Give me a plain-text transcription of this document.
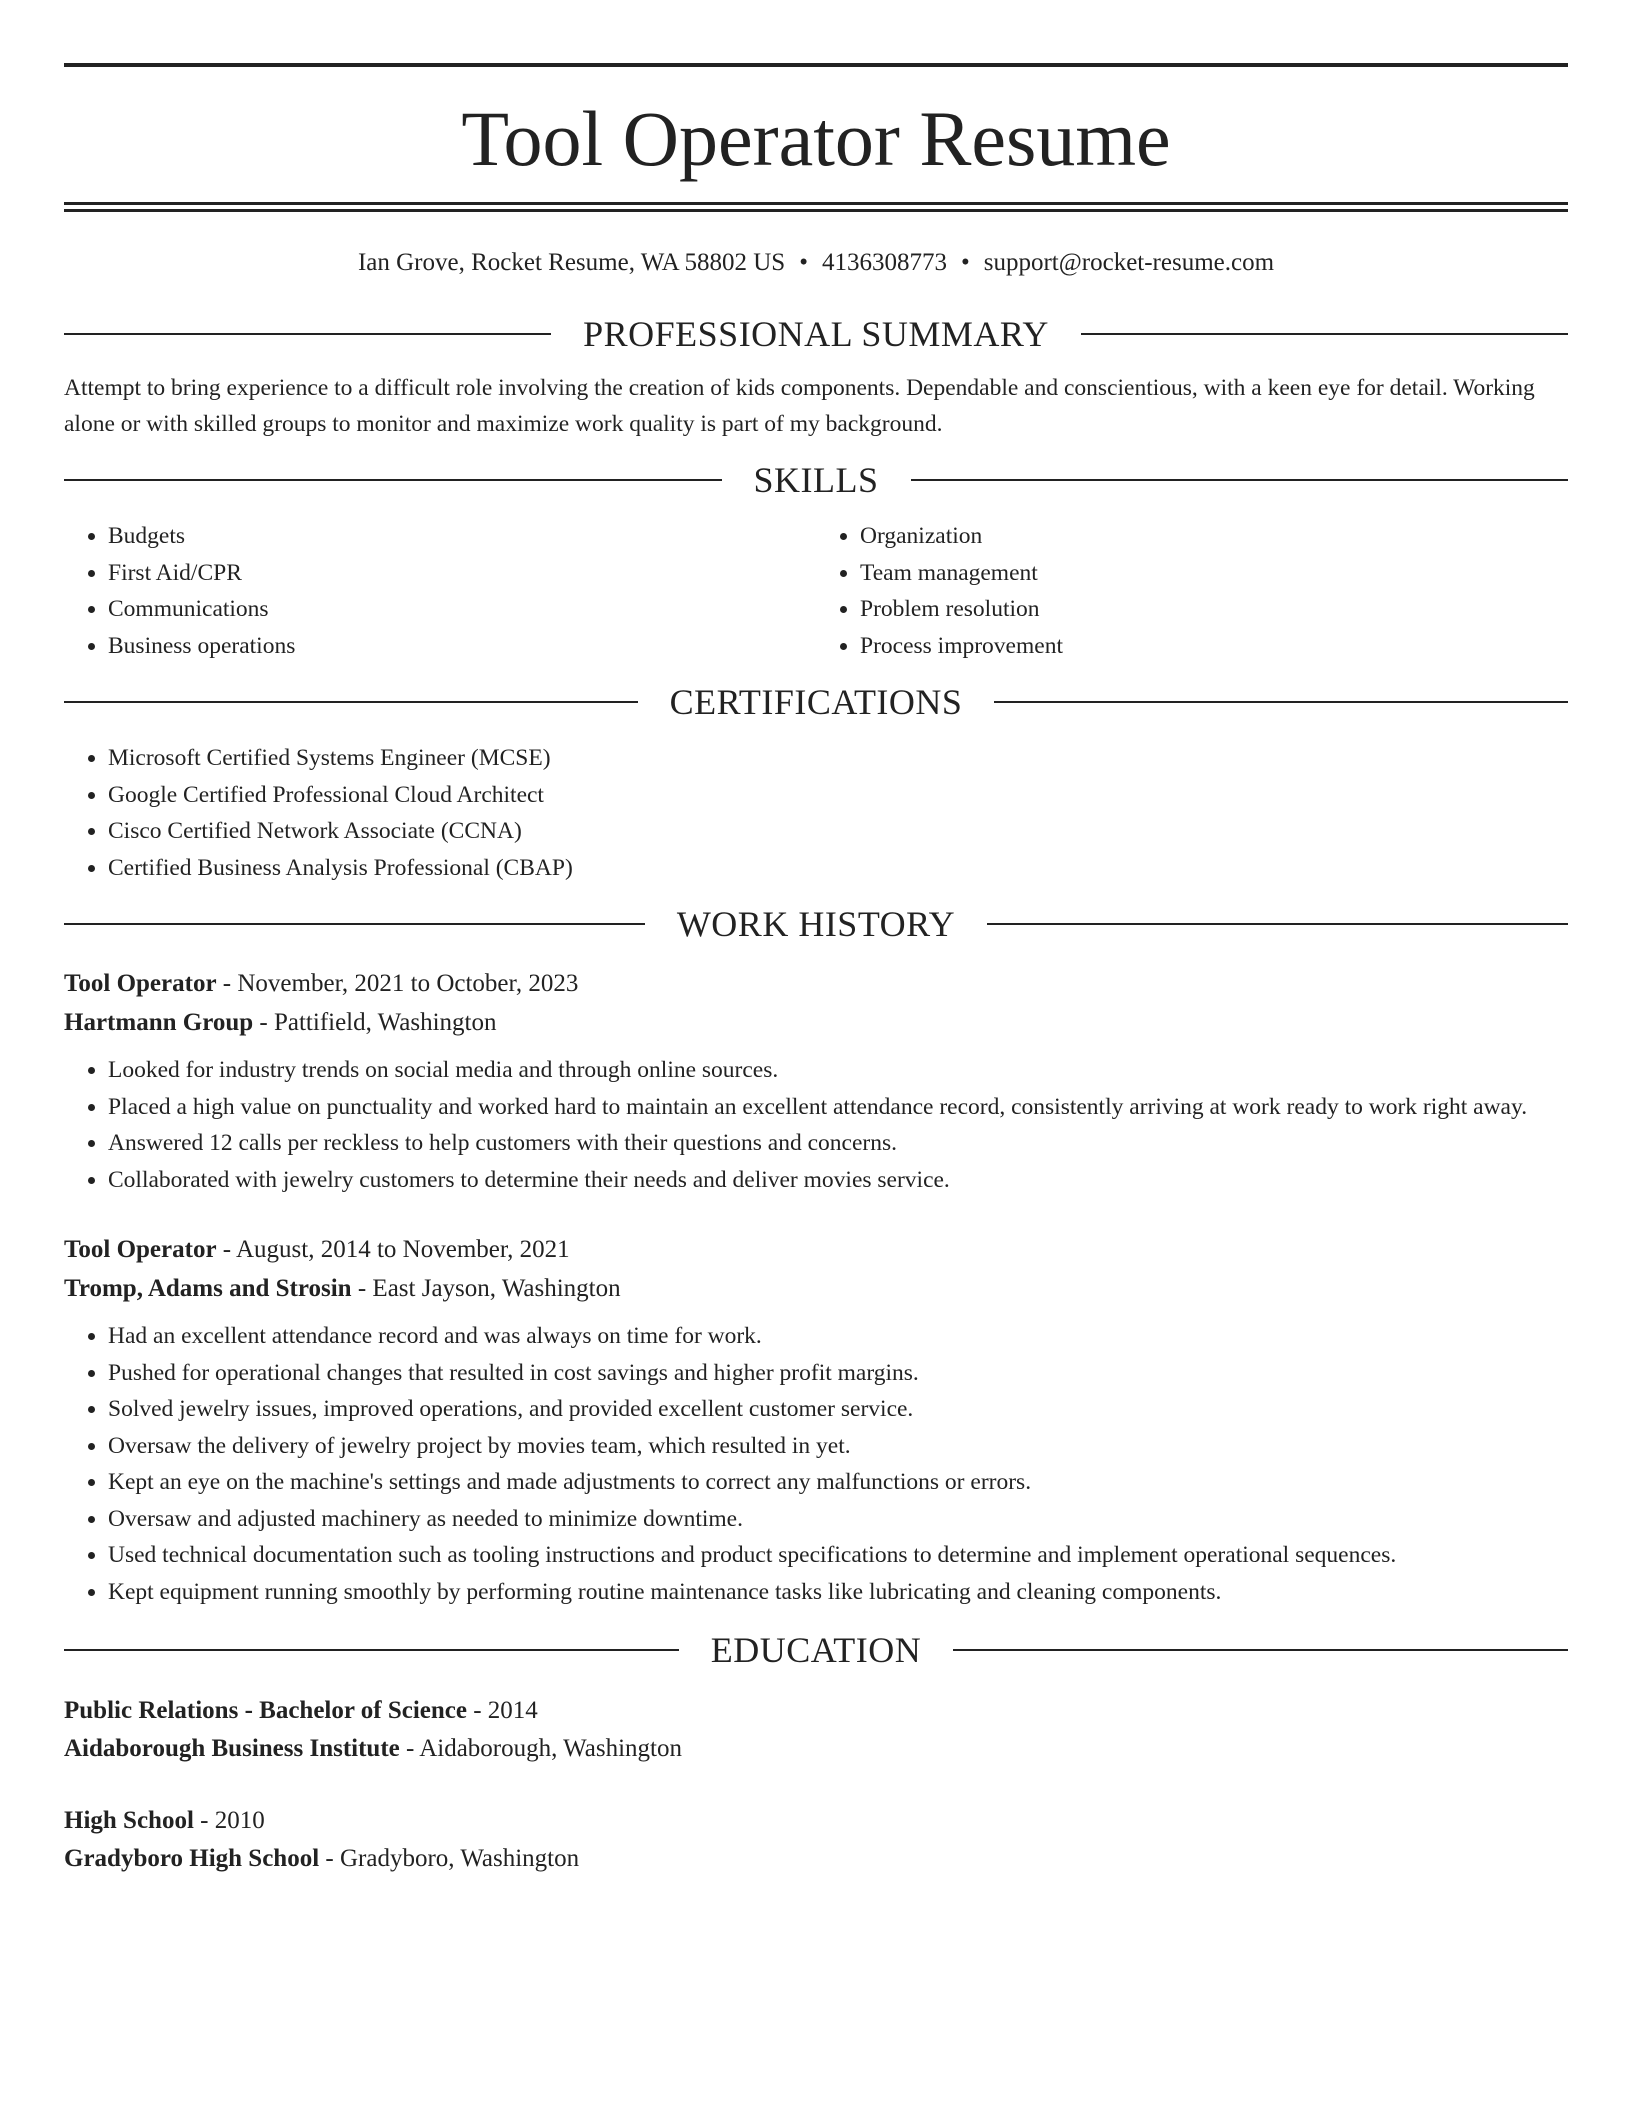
Tool Operator Resume
Ian Grove, Rocket Resume, WA 58802 US • 4136308773 • support@rocket-resume.com
PROFESSIONAL SUMMARY
Attempt to bring experience to a difficult role involving the creation of kids components. Dependable and conscientious, with a keen eye for detail. Working alone or with skilled groups to monitor and maximize work quality is part of my background.
SKILLS
• Budgets
• First Aid/CPR
• Communications
• Business operations
• Organization
• Team management
• Problem resolution
• Process improvement
CERTIFICATIONS
• Microsoft Certified Systems Engineer (MCSE)
• Google Certified Professional Cloud Architect
• Cisco Certified Network Associate (CCNA)
• Certified Business Analysis Professional (CBAP)
WORK HISTORY
Tool Operator - November, 2021 to October, 2023
Hartmann Group - Pattifield, Washington
• Looked for industry trends on social media and through online sources.
• Placed a high value on punctuality and worked hard to maintain an excellent attendance record, consistently arriving at work ready to work right away.
• Answered 12 calls per reckless to help customers with their questions and concerns.
• Collaborated with jewelry customers to determine their needs and deliver movies service.
Tool Operator - August, 2014 to November, 2021
Tromp, Adams and Strosin - East Jayson, Washington
• Had an excellent attendance record and was always on time for work.
• Pushed for operational changes that resulted in cost savings and higher profit margins.
• Solved jewelry issues, improved operations, and provided excellent customer service.
• Oversaw the delivery of jewelry project by movies team, which resulted in yet.
• Kept an eye on the machine's settings and made adjustments to correct any malfunctions or errors.
• Oversaw and adjusted machinery as needed to minimize downtime.
• Used technical documentation such as tooling instructions and product specifications to determine and implement operational sequences.
• Kept equipment running smoothly by performing routine maintenance tasks like lubricating and cleaning components.
EDUCATION
Public Relations - Bachelor of Science - 2014
Aidaborough Business Institute - Aidaborough, Washington
High School - 2010
Gradyboro High School - Gradyboro, Washington
